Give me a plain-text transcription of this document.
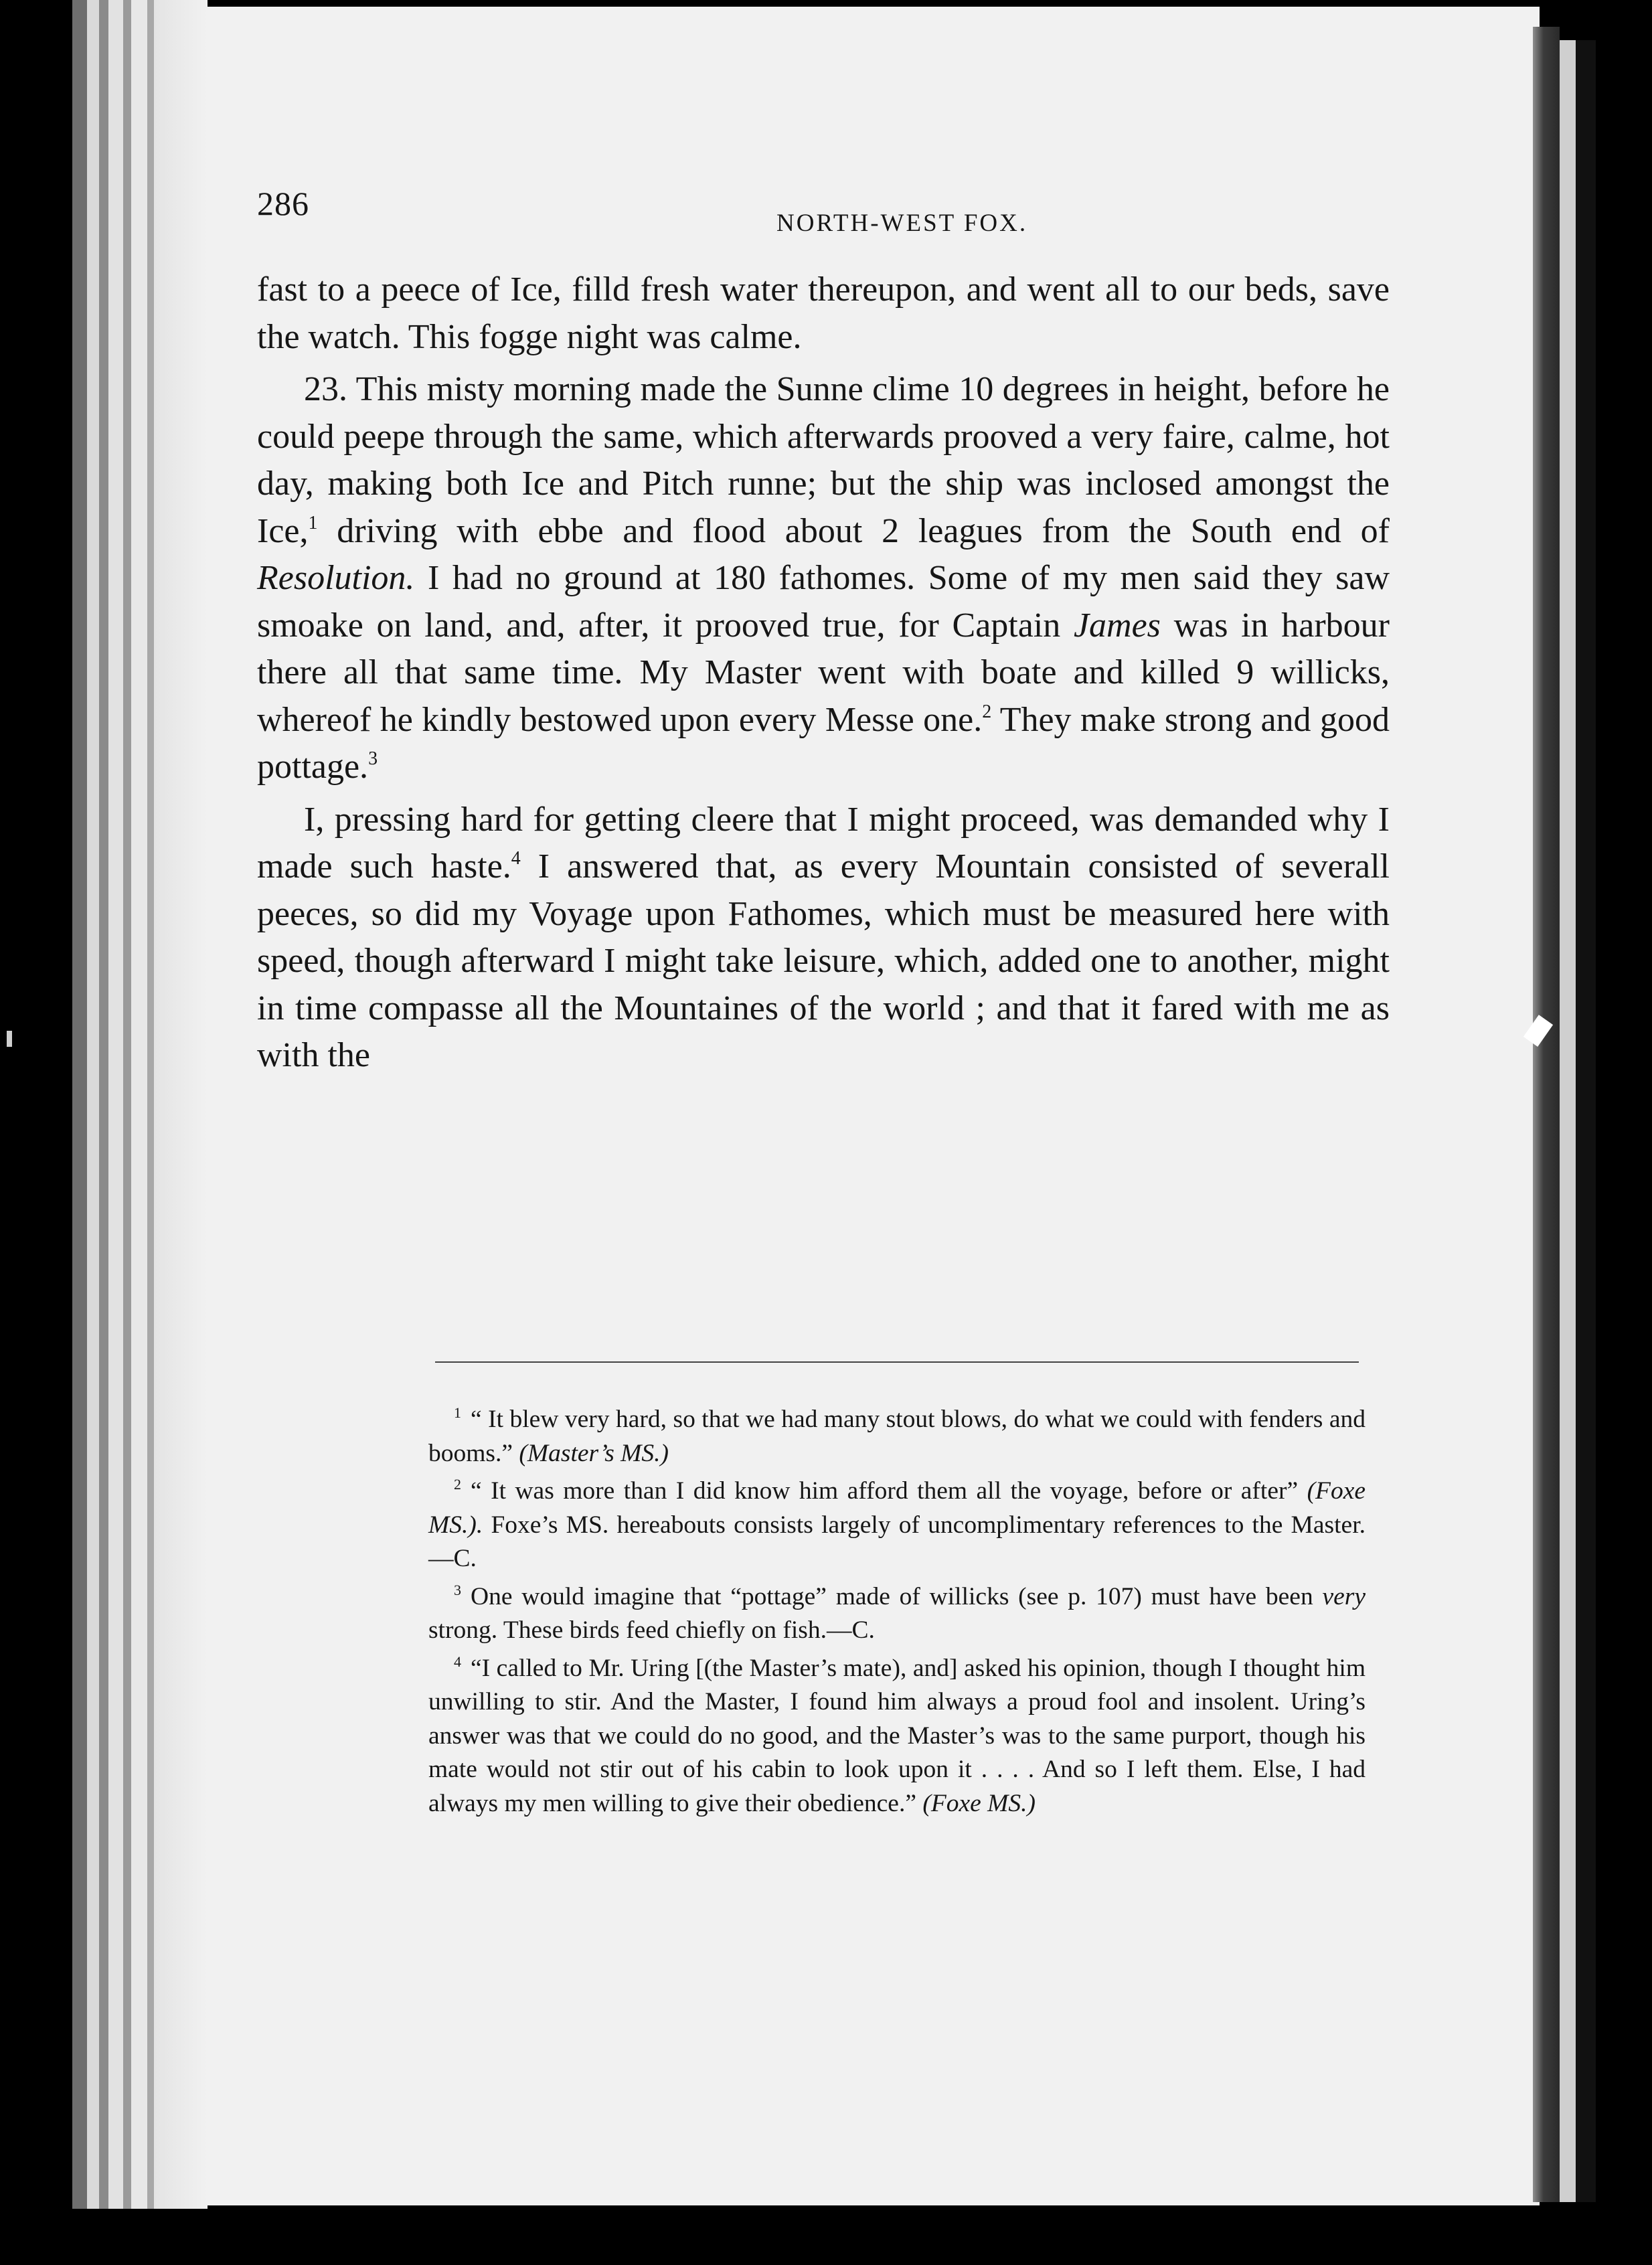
286
NORTH-WEST FOX.

fast to a peece of Ice, filld fresh water thereupon, and went all to our beds, save the watch. This fogge night was calme.

23. This misty morning made the Sunne clime 10 degrees in height, before he could peepe through the same, which afterwards prooved a very faire, calme, hot day, making both Ice and Pitch runne; but the ship was inclosed amongst the Ice,$^1$ driving with ebbe and flood about 2 leagues from the South end of Resolution. I had no ground at 180 fathomes. Some of my men said they saw smoake on land, and, after, it prooved true, for Captain James was in harbour there all that same time. My Master went with boate and killed 9 willicks, whereof he kindly bestowed upon every Messe one.$^2$ They make strong and good pottage.$^3$

I, pressing hard for getting cleere that I might proceed, was demanded why I made such haste.$^4$ I answered that, as every Mountain consisted of severall peeces, so did my Voyage upon Fathomes, which must be measured here with speed, though afterward I might take leisure, which, added one to another, might in time compasse all the Mountaines of the world ; and that it fared with me as with the

$^1$ “ It blew very hard, so that we had many stout blows, do what we could with fenders and booms.” (Master’s MS.)

$^2$ “ It was more than I did know him afford them all the voyage, before or after” (Foxe MS.). Foxe’s MS. hereabouts consists largely of uncomplimentary references to the Master.—C.

$^3$ One would imagine that “pottage” made of willicks (see p. 107) must have been very strong. These birds feed chiefly on fish.—C.

$^4$ “I called to Mr. Uring [(the Master’s mate), and] asked his opinion, though I thought him unwilling to stir. And the Master, I found him always a proud fool and insolent. Uring’s answer was that we could do no good, and the Master’s was to the same purport, though his mate would not stir out of his cabin to look upon it . . . . And so I left them. Else, I had always my men willing to give their obedience.” (Foxe MS.)
